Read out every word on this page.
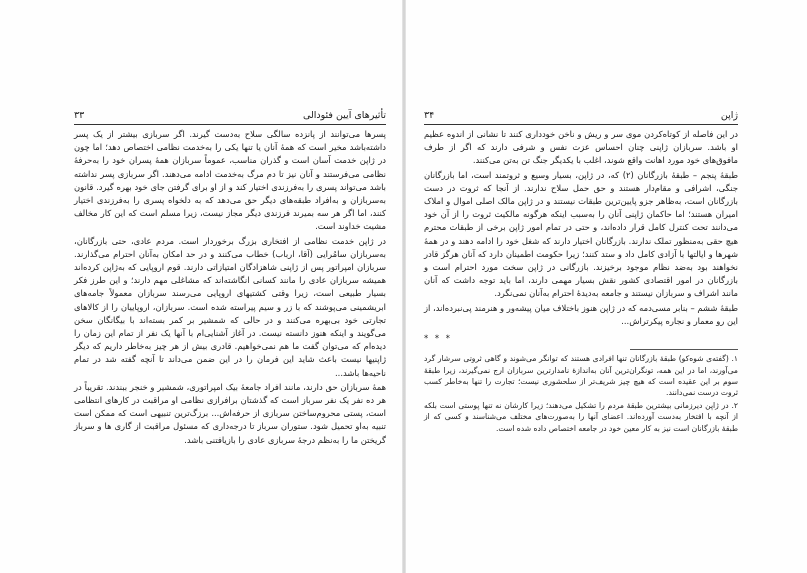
۳۳	تأثیرهای آیین فئودالی

پسرها می‌توانند از پانزده سالگی سلاح به‌دست گیرند. اگر سربازی بیشتر از یک پسر داشته‌باشد مخیر است که همهٔ آنان یا تنها یکی را به‌خدمت نظامی اختصاص دهد؛ اما چون در ژاپن خدمت آسان است و گذران مناسب، عموماً سربازان همهٔ پسران خود را به‌حرفهٔ نظامی می‌فرستند و آنان نیز تا دم مرگ به‌خدمت ادامه می‌دهند. اگر سربازی پسر نداشته باشد می‌تواند پسری را به‌فرزندی اختیار کند و از او برای گرفتن جای خود بهره گیرد. قانون به‌سربازان و به‌افراد طبقه‌های دیگر حق می‌دهد که به‌ دلخواه پسری را به‌فرزندی اختیار کنند، اما اگر هر سه بمیرند فرزندی دیگر مجاز نیست، زیرا مسلم است که این کار مخالف مشیت خداوند است.

در ژاپن خدمت نظامی از افتخاری بزرگ برخوردار است. مردم عادی، حتی بازرگانان، به‌سربازان سامُرایی (آقا، ارباب) خطاب می‌کنند و در حد امکان به‌آنان احترام می‌گذارند. سربازان امپراتور پس از ژاپنی شاهزادگان امتیازاتی دارند. قوم اروپایی که به‌ژاپن کرده‌اند همیشه سربازان عادی را مانند کسانی انگاشته‌اند که مشاغلی مهم دارند؛ و این طرز فکر بسیار طبیعی است، زیرا وقتی کشتیهای اروپایی می‌رسند سربازان معمولاً جامه‌های ابریشمینی می‌پوشند که با زر و سیم پیراسته‌ شده است. سربازان، اروپاییان را از کالاهای تجارتی خود بی‌بهره می‌کنند و در حالی که شمشیر بر کمر بسته‌اند با بیگانگان سخن می‌گویند و اینکه هنوز دانسته نیست. در آغاز آشنایی‌ام با آنها یک نفر از تمام این زمان را دیده‌ام که می‌توان گفت ما هم نمی‌خواهیم. قادری بیش از هر چیز به‌خاطر داریم که دیگر ژاپنیها نیست باعث شاید این فرمان را در این ضمن می‌داند تا آنچه گفته شد در تمام ناحیه‌ها باشد...

همهٔ سربازان حق دارند، مانند افراد جامعهٔ بیک امپراتوری، شمشیر و خنجر ببندند. تقریباً در هر ده نفر یک نفر سرباز است که گذشتان برافرازی نظامی او مراقبت در کارهای انتظامی است، پستی محروم‌ساختن سربازی از حرفه‌اش... برزگ‌ترین تنبیهی است که ممکن است تنبیه به‌او تحمیل شود. ستوران سرباز تا درجه‌داری که مسئول مراقبت از گاری ها و سرباز گریختن ما را به‌نظم درجهٔ سربازی عادی را بازیافتنی باشد.

۳۴	ژاپن

در این فاصله از کوتاه‌کردن موی سر و ریش و ناخن خودداری کنند تا نشانی از اندوه عظیم او باشد. سربازان ژاپنی چنان احساس عزت نفس و شرفی دارند که اگر از طرف مافوق‌های خود مورد اهانت واقع شوند، اغلب با یکدیگر جنگ تن به‌تن می‌کنند.

طبقهٔ پنجم – طبقهٔ بازرگانان (۲) که، در ژاپن، بسیار وسیع و ثروتمند است، اما بازرگانان جنگی، اشرافی و مقام‌دار هستند و حق حمل سلاح ندارند. از آنجا که ثروت در دست بازرگانان است، به‌ظاهر جزو پایین‌ترین طبقات نیستند و در ژاپن مالک اصلی اموال و املاک امیران هستند؛ اما حاکمان ژاپنی آنان را به‌سبب اینکه هرگونه مالکیت ثروت را از آن خود می‌دانند تحت کنترل کامل قرار داده‌اند، و حتی در تمام امور ژاپن برخی از طبقات محترم هیچ حقی به‌منظور تملک ندارند. بازرگانان اختیار دارند که شغل خود را ادامه دهند و در همهٔ شهرها و ایالتها با آزادی کامل داد و ستد کنند؛ زیرا حکومت اطمینان دارد که آنان هرگز قادر نخواهند بود به‌ضد نظام موجود برخیزند. بازرگانی در ژاپن سخت مورد احترام است و بازرگانان در امور اقتصادی کشور نقش بسیار مهمی دارند، اما باید توجه داشت که آنان مانند اشراف و سربازان نیستند و جامعه به‌دیدهٔ احترام به‌آنان نمی‌نگرد.

طبقهٔ ششم – بنابر مسی‌دمه که در ژاپن هنوز باختلاف میان پیشه‌ور و هنرمند پی‌نبرده‌اند، از این رو معمار و نجاره پیکرتراش...

* * *

۱. (گفته‌ی شوه‌کو) طبقهٔ بازرگانان تنها افرادی هستند که توانگر می‌شوند و گاهی ثروتی سرشار گرد می‌آورند، اما در این همه، تونگران‌ترین آنان به‌اندازهٔ نامدارترین سربازان ارج نمی‌گیرند، زیرا طبقهٔ سوم بر این عقیده است که هیچ چیز شریف‌تر از سلحشوری نیست؛ تجارت را تنها به‌خاطر کسب ثروت درست نمی‌دانند.

۲. در ژاپن دیرزمانی بیشترین طبقهٔ مردم را تشکیل می‌دهند؛ زیرا کارشان نه تنها پوستی است بلکه از آنچه با افتخار به‌دست آورده‌اند. اعضای آنها را به‌صورت‌های مختلف می‌شناسند و کسی که از طبقهٔ بازرگانان است نیز به‌ کار معین خود در جامعه اختصاص داده شده است.
